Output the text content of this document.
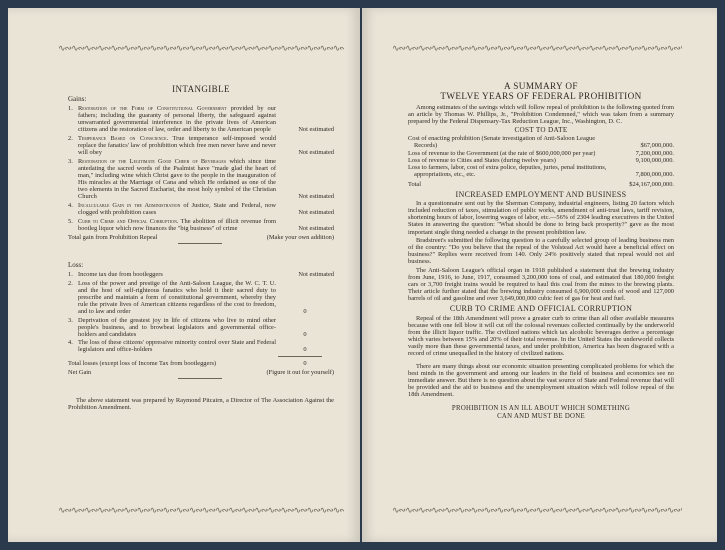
∿∾∿∾∿∾∿∾∿∾∿∾∿∾∿∾∿∾∿∾∿∾∿∾∿∾∿∾∿∾∿∾∿∾∿∾∿∾∿∾∿∾∿∾∿∾∿∾∿∾∿∾∿∾∿∾∿∾∿∾∿∾∿∾∿∾∿∾∿∾∿∾∿∾∿∾∿∾∿∾∿∾∿∾∿∾∿∾
INTANGIBLE
Gains:
1. Restoration of the Form of Constitutional Government provided by our fathers; including the guaranty of personal liberty, the safeguard against unwarranted governmental interference in the private lives of American citizens and the restoration of law, order and liberty to the American people	Not estimated
2. Temperance Based on Conscience. True temperance self-imposed would replace the fanatics' law of prohibition which free men never have and never will obey	Not estimated
3. Restoration of the Legitimate Good Cheer of Beverages which since time antedating the sacred words of the Psalmist have "made glad the heart of man," including wine which Christ gave to the people in the inauguration of His miracles at the Marriage of Cana and which He ordained as one of the two elements in the Sacred Eucharist, the most holy symbol of the Christian Church	Not estimated
4. Incalculable Gain in the Administration of Justice, State and Federal, now clogged with prohibition cases	Not estimated
5. Curb to Crime and Official Corruption. The abolition of illicit revenue from bootleg liquor which now finances the "big business" of crime	Not estimated
Total gain from Prohibition Repeal	(Make your own addition)
Loss:
1. Income tax due from bootleggers	Not estimated
2. Loss of the power and prestige of the Anti-Saloon League, the W. C. T. U. and the host of self-righteous fanatics who hold it their sacred duty to prescribe and maintain a form of constitutional government, whereby they rule the private lives of American citizens regardless of the cost to freedom, and to law and order	0
3. Deprivation of the greatest joy in life of citizens who live to mind other people's business, and to browbeat legislators and governmental office-holders and candidates	0
4. The loss of these citizens' oppressive minority control over State and Federal legislators and office-holders	0
Total losses (except loss of Income Tax from bootleggers)	0
Net Gain	(Figure it out for yourself)
The above statement was prepared by Raymond Pitcairn, a Director of The Association Against the Prohibition Amendment.
∿∾∿∾∿∾∿∾∿∾∿∾∿∾∿∾∿∾∿∾∿∾∿∾∿∾∿∾∿∾∿∾∿∾∿∾∿∾∿∾∿∾∿∾∿∾∿∾∿∾∿∾∿∾∿∾∿∾∿∾∿∾∿∾∿∾∿∾∿∾∿∾∿∾∿∾∿∾∿∾∿∾∿∾∿∾∿∾
∿∾∿∾∿∾∿∾∿∾∿∾∿∾∿∾∿∾∿∾∿∾∿∾∿∾∿∾∿∾∿∾∿∾∿∾∿∾∿∾∿∾∿∾∿∾∿∾∿∾∿∾∿∾∿∾∿∾∿∾∿∾∿∾∿∾∿∾∿∾∿∾∿∾∿∾∿∾∿∾∿∾∿∾∿∾∿∾
A SUMMARY OF
TWELVE YEARS OF FEDERAL PROHIBITION
Among estimates of the savings which will follow repeal of prohibition is the following quoted from an article by Thomas W. Phillips, Jr., "Prohibition Condemned," which was taken from a summary prepared by the Federal Dispensary-Tax Reduction League, Inc., Washington, D. C.
COST TO DATE
Cost of enacting prohibition (Senate investigation of Anti-Saloon League Records)	$67,000,000.
Loss of revenue to the Government (at the rate of $600,000,000 per year)	7,200,000,000.
Loss of revenue to Cities and States (during twelve years)	9,100,000,000.
Loss to farmers, labor, cost of extra police, deputies, juries, penal institutions, appropriations, etc., etc.	7,800,000,000.
Total	$24,167,000,000.
INCREASED EMPLOYMENT AND BUSINESS
In a questionnaire sent out by the Sherman Company, industrial engineers, listing 20 factors which included reduction of taxes, stimulation of public works, amendment of anti-trust laws, tariff revision, shortening hours of labor, lowering wages of labor, etc.—56% of 2304 leading executives in the United States in answering the question: "What should be done to bring back prosperity?" gave as the most important single thing needed a change in the present prohibition law.
Bradstreet's submitted the following question to a carefully selected group of leading business men of the country: "Do you believe that the repeal of the Volstead Act would have a beneficial effect on business?" Replies were received from 140. Only 24% positively stated that repeal would not aid business.
The Anti-Saloon League's official organ in 1918 published a statement that the brewing industry from June, 1916, to June, 1917, consumed 3,200,000 tons of coal, and estimated that 180,000 freight cars or 3,700 freight trains would be required to haul this coal from the mines to the brewing plants. Their article further stated that the brewing industry consumed 6,900,000 cords of wood and 127,000 barrels of oil and gasoline and over 3,649,000,000 cubic feet of gas for heat and fuel.
CURB TO CRIME AND OFFICIAL CORRUPTION
Repeal of the 18th Amendment will prove a greater curb to crime than all other available measures because with one fell blow it will cut off the colossal revenues collected continually by the underworld from the illicit liquor traffic. The civilized nations which tax alcoholic beverages derive a percentage which varies between 15% and 20% of their total revenue. In the United States the underworld collects vastly more than these governmental taxes, and under prohibition, America has been disgraced with a record of crime unequalled in the history of civilized nations.
There are many things about our economic situation presenting complicated problems for which the best minds in the government and among our leaders in the field of business and economics see no immediate answer. But there is no question about the vast source of State and Federal revenue that will be provided and the aid to business and the unemployment situation which will follow repeal of the 18th Amendment.
PROHIBITION IS AN ILL ABOUT WHICH SOMETHING
CAN AND MUST BE DONE
∿∾∿∾∿∾∿∾∿∾∿∾∿∾∿∾∿∾∿∾∿∾∿∾∿∾∿∾∿∾∿∾∿∾∿∾∿∾∿∾∿∾∿∾∿∾∿∾∿∾∿∾∿∾∿∾∿∾∿∾∿∾∿∾∿∾∿∾∿∾∿∾∿∾∿∾∿∾∿∾∿∾∿∾∿∾∿∾
